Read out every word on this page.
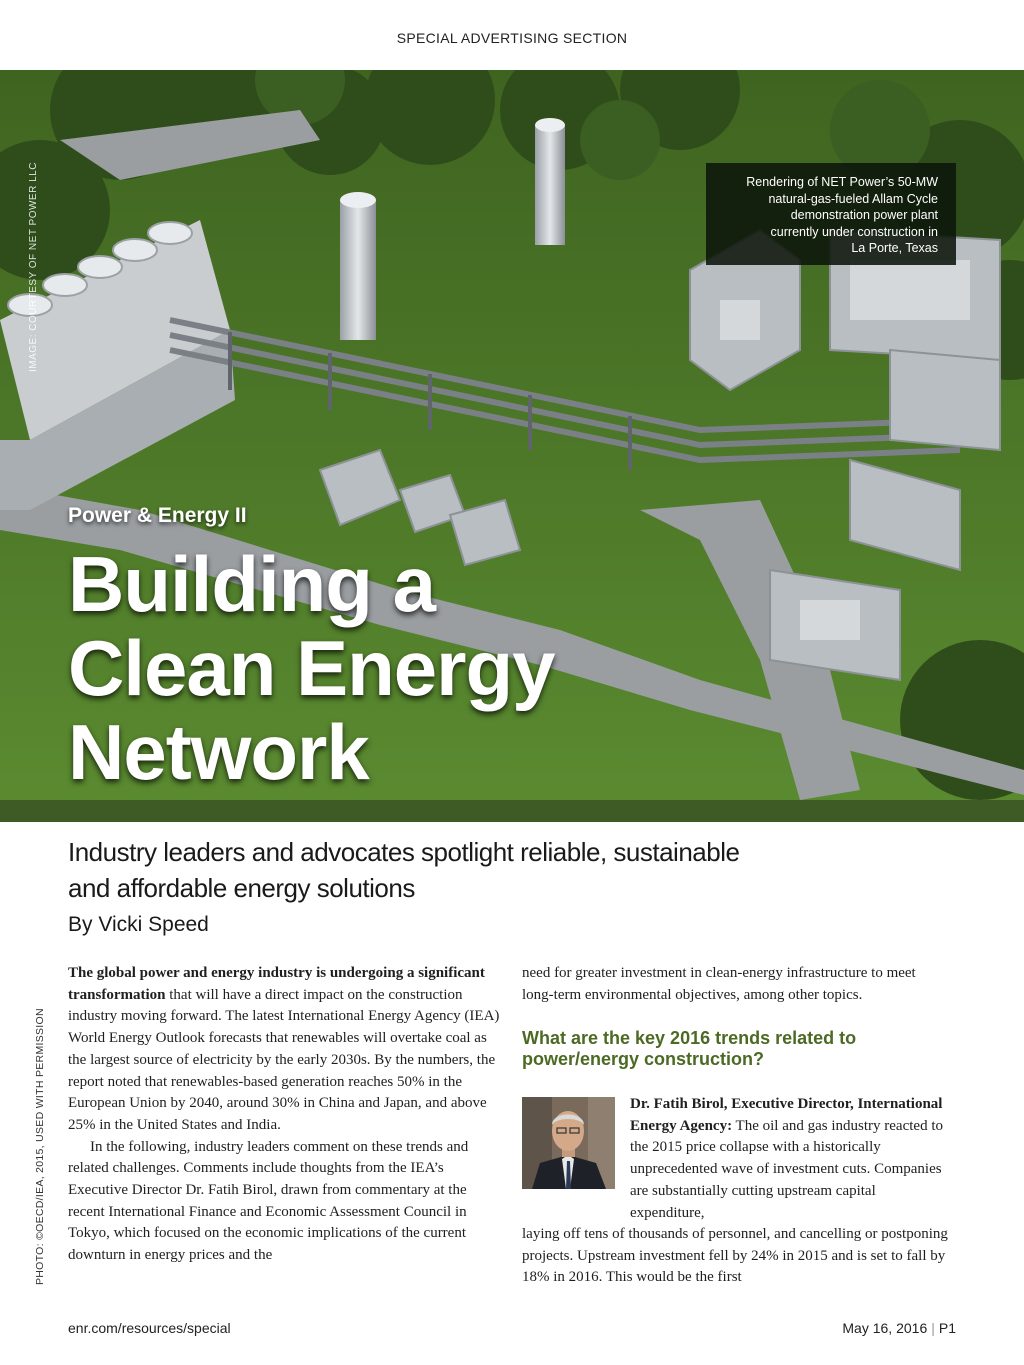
SPECIAL ADVERTISING SECTION
IMAGE: COURTESY OF NET POWER LLC	Rendering of NET Power’s 50-MW
natural-gas-fueled Allam Cycle
demonstration power plant
currently under construction in
La Porte, Texas
Power & Energy II
Building a
Clean Energy
Network
Industry leaders and advocates spotlight reliable, sustainable
and affordable energy solutions
By Vicki Speed
PHOTO: ©OECD/IEA, 2015, USED WITH PERMISSION

The global power and energy industry is undergoing a significant transformation that will have a direct impact on the construction industry moving forward. The latest International Energy Agency (IEA) World Energy Outlook forecasts that renewables will overtake coal as the largest source of electricity by the early 2030s. By the numbers, the report noted that renewables-based generation reaches 50% in the European Union by 2040, around 30% in China and Japan, and above 25% in the United States and India.

In the following, industry leaders comment on these trends and related challenges. Comments include thoughts from the IEA’s Executive Director Dr. Fatih Birol, drawn from commentary at the recent International Finance and Economic Assessment Council in Tokyo, which focused on the economic implications of the current downturn in energy prices and the

need for greater investment in clean-energy infrastructure to meet long-term environmental objectives, among other topics.

What are the key 2016 trends related to power/energy construction?
Dr. Fatih Birol, Executive Director, International Energy Agency: The oil and gas industry reacted to the 2015 price collapse with a historically unprecedented wave of investment cuts. Companies are substantially cutting upstream capital expenditure,
laying off tens of thousands of personnel, and cancelling or postponing projects. Upstream investment fell by 24% in 2015 and is set to fall by 18% in 2016. This would be the first
enr.com/resources/special	May 16, 2016 | P1
